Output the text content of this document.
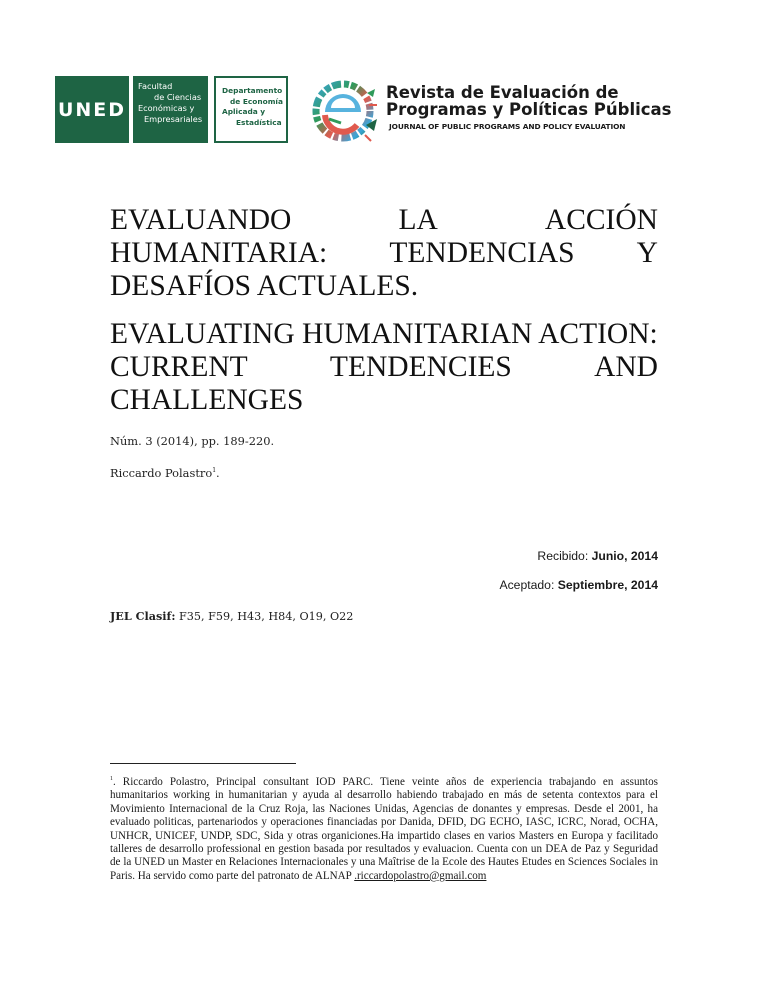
UNED
Facultad
de Ciencias
Económicas y
Empresariales
Departamento
de Economía
Aplicada y
Estadística
Revista de Evaluación de
Programas y Políticas Públicas
JOURNAL OF PUBLIC PROGRAMS AND POLICY EVALUATION
EVALUANDO	LA	ACCIÓN
HUMANITARIA: TENDENCIAS Y
DESAFÍOS ACTUALES.
EVALUATING HUMANITARIAN ACTION:
CURRENT	TENDENCIES	AND
CHALLENGES
Núm. 3 (2014), pp. 189-220.
Riccardo Polastro$^1$.
Recibido: Junio, 2014
Aceptado: Septiembre, 2014
JEL Clasif: F35, F59, H43, H84, O19, O22
$^1$. Riccardo Polastro, Principal consultant IOD PARC. Tiene veinte años de experiencia trabajando en assuntos humanitarios working in humanitarian y ayuda al desarrollo habiendo trabajado en más de setenta contextos para el Movimiento Internacional de la Cruz Roja, las Naciones Unidas, Agencias de donantes y empresas. Desde el 2001, ha evaluado politicas, partenariodos y operaciones financiadas por Danida, DFID, DG ECHO, IASC, ICRC, Norad, OCHA, UNHCR, UNICEF, UNDP, SDC, Sida y otras organiciones.Ha impartido clases en varios Masters en Europa y facilitado talleres de desarrollo professional en gestion basada por resultados y evaluacion. Cuenta con un DEA de Paz y Seguridad de la UNED un Master en Relaciones Internacionales y una Maîtrise de la Ecole des Hautes Etudes en Sciences Sociales in Paris. Ha servido como parte del patronato de ALNAP .riccardopolastro@gmail.com
